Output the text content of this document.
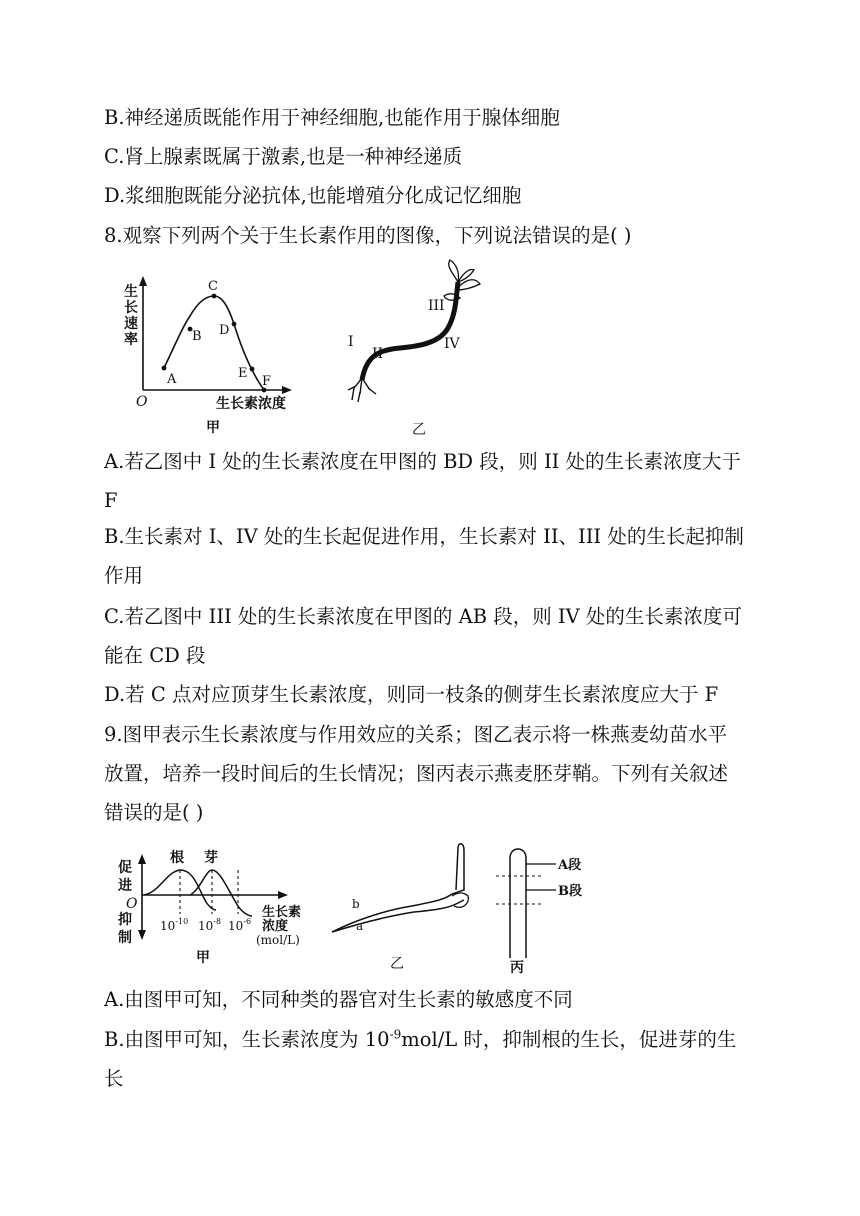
B.神经递质既能作用于神经细胞,也能作用于腺体细胞
C.肾上腺素既属于激素,也是一种神经递质
D.浆细胞既能分泌抗体,也能增殖分化成记忆细胞
8.观察下列两个关于生长素作用的图像，下列说法错误的是( )
生
长
速
率
O	生长素浓度
A
B
C
D
E
F
甲
I
II
III
IV
乙
A.若乙图中 I 处的生长素浓度在甲图的 BD 段，则 II 处的生长素浓度大于
F
B.生长素对 I、IV 处的生长起促进作用，生长素对 II、III 处的生长起抑制
作用
C.若乙图中 III 处的生长素浓度在甲图的 AB 段，则 IV 处的生长素浓度可
能在 CD 段
D.若 C 点对应顶芽生长素浓度，则同一枝条的侧芽生长素浓度应大于 F
9.图甲表示生长素浓度与作用效应的关系；图乙表示将一株燕麦幼苗水平
放置，培养一段时间后的生长情况；图丙表示燕麦胚芽鞘。下列有关叙述
错误的是( )
促
进
O
抑
制
根 芽
$10^{-10}$ $10^{-8}$ $10^{-6}$
生长素
浓度
(mol/L)
甲
b
a
乙
A段
B段
丙
A.由图甲可知，不同种类的器官对生长素的敏感度不同
B.由图甲可知，生长素浓度为 $10^{-9}mol/L$ 时，抑制根的生长，促进芽的生
长
